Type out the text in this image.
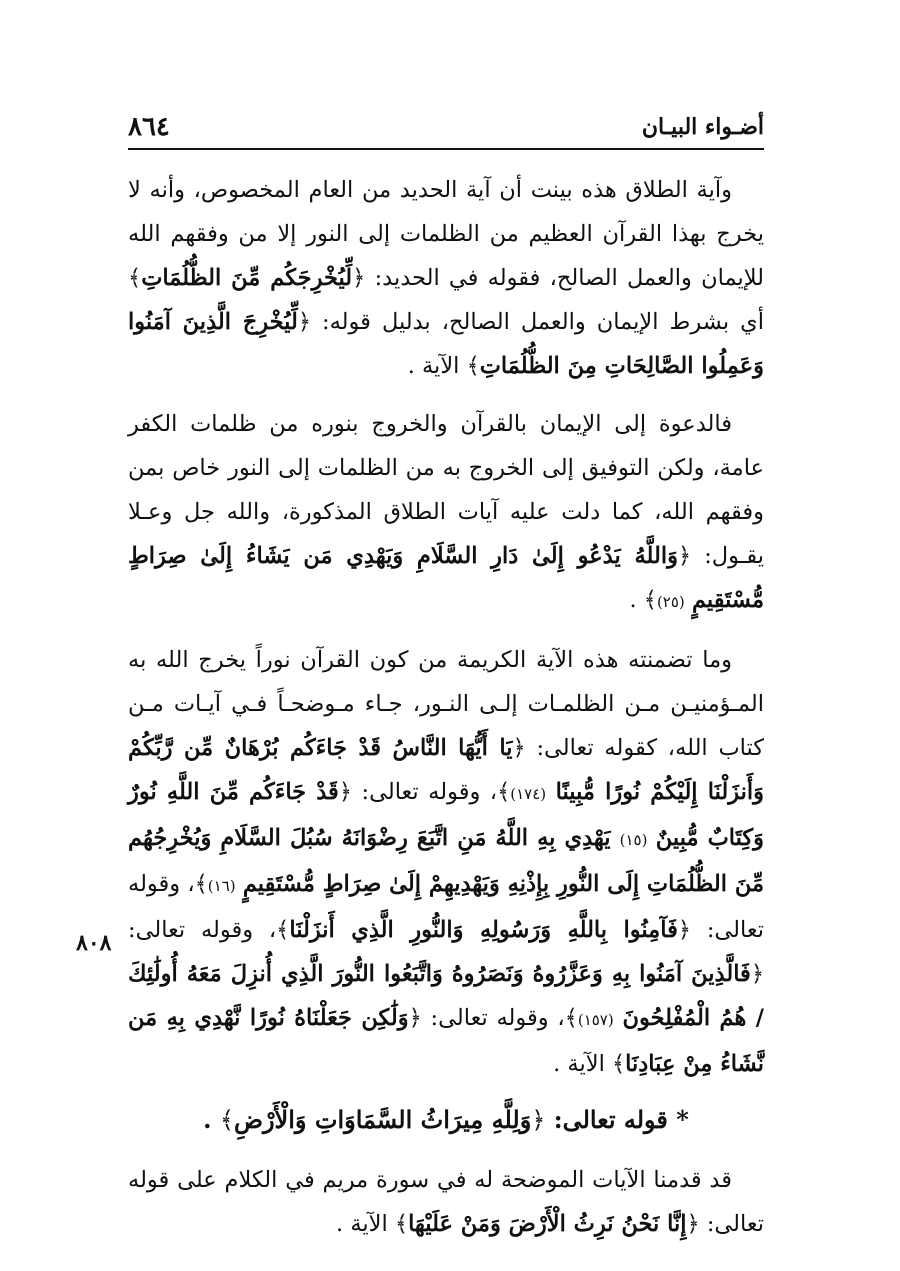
أضـواء البيـان
٨٦٤
٨٠٨

وآية الطلاق هذه بينت أن آية الحديد من العام المخصوص، وأنه لا يخرج بهذا القرآن العظيم من الظلمات إلى النور إلا من وفقهم الله للإيمان والعمل الصالح، فقوله في الحديد: ﴿لِّيُخْرِجَكُم مِّنَ الظُّلُمَاتِ﴾ أي بشرط الإيمان والعمل الصالح، بدليل قوله: ﴿لِّيُخْرِجَ الَّذِينَ آمَنُوا وَعَمِلُوا الصَّالِحَاتِ مِنَ الظُّلُمَاتِ﴾ الآية .

فالدعوة إلى الإيمان بالقرآن والخروج بنوره من ظلمات الكفر عامة، ولكن التوفيق إلى الخروج به من الظلمات إلى النور خاص بمن وفقهم الله، كما دلت عليه آيات الطلاق المذكورة، والله جل وعـلا يقـول: ﴿وَاللَّهُ يَدْعُو إِلَىٰ دَارِ السَّلَامِ وَيَهْدِي مَن يَشَاءُ إِلَىٰ صِرَاطٍ مُّسْتَقِيمٍ (٢٥)﴾ .

وما تضمنته هذه الآية الكريمة من كون القرآن نوراً يخرج الله به المـؤمنيـن مـن الظلمـات إلـى النـور، جـاء مـوضحـاً فـي آيـات مـن كتاب الله، كقوله تعالى: ﴿يَا أَيُّهَا النَّاسُ قَدْ جَاءَكُم بُرْهَانٌ مِّن رَّبِّكُمْ وَأَنزَلْنَا إِلَيْكُمْ نُورًا مُّبِينًا (١٧٤)﴾، وقوله تعالى: ﴿قَدْ جَاءَكُم مِّنَ اللَّهِ نُورٌ وَكِتَابٌ مُّبِينٌ (١٥) يَهْدِي بِهِ اللَّهُ مَنِ اتَّبَعَ رِضْوَانَهُ سُبُلَ السَّلَامِ وَيُخْرِجُهُم مِّنَ الظُّلُمَاتِ إِلَى النُّورِ بِإِذْنِهِ وَيَهْدِيهِمْ إِلَىٰ صِرَاطٍ مُّسْتَقِيمٍ (١٦)﴾، وقوله تعالى: ﴿فَآمِنُوا بِاللَّهِ وَرَسُولِهِ وَالنُّورِ الَّذِي أَنزَلْنَا﴾، وقوله تعالى: ﴿فَالَّذِينَ آمَنُوا بِهِ وَعَزَّرُوهُ وَنَصَرُوهُ وَاتَّبَعُوا النُّورَ الَّذِي أُنزِلَ مَعَهُ أُولَٰئِكَ / هُمُ الْمُفْلِحُونَ (١٥٧)﴾، وقوله تعالى: ﴿وَلَٰكِن جَعَلْنَاهُ نُورًا نَّهْدِي بِهِ مَن نَّشَاءُ مِنْ عِبَادِنَا﴾ الآية .

* قوله تعالى: ﴿وَلِلَّهِ مِيرَاثُ السَّمَاوَاتِ وَالْأَرْضِ﴾ .

قد قدمنا الآيات الموضحة له في سورة مريم في الكلام على قوله تعالى: ﴿إِنَّا نَحْنُ نَرِثُ الْأَرْضَ وَمَنْ عَلَيْهَا﴾ الآية .
